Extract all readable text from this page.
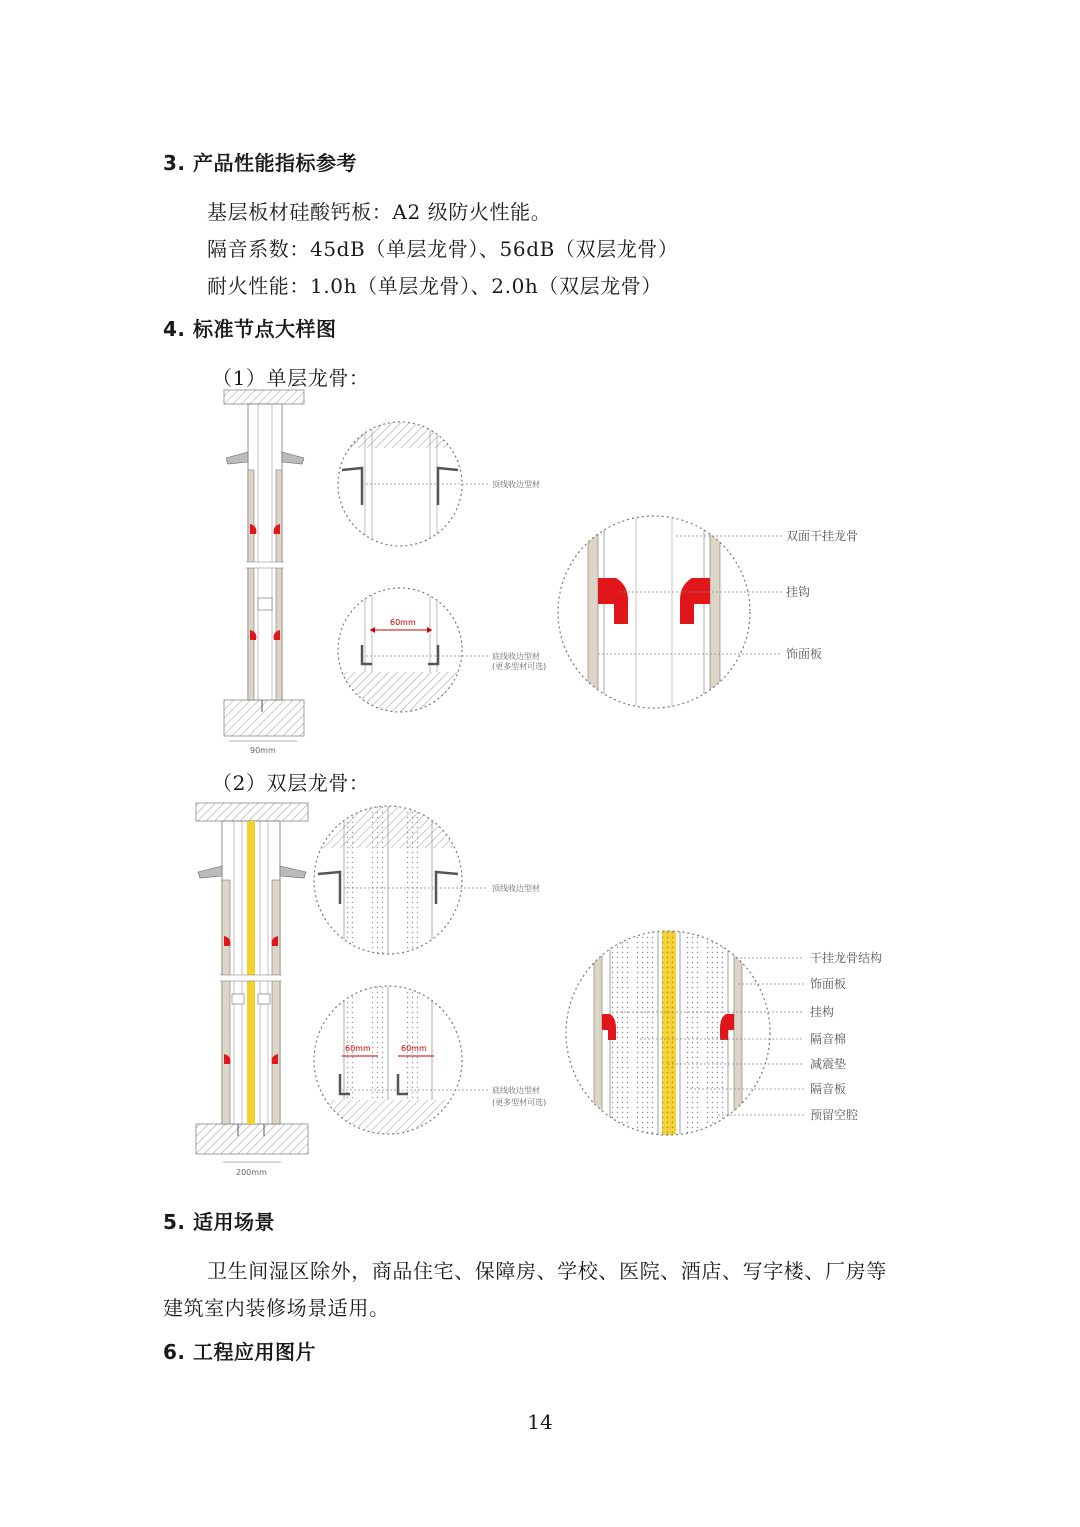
3. 产品性能指标参考
基层板材硅酸钙板：A2 级防火性能。
隔音系数：45dB（单层龙骨）、56dB（双层龙骨）
耐火性能：1.0h（单层龙骨）、2.0h（双层龙骨）
4. 标准节点大样图
（1）单层龙骨：
（2）双层龙骨：
5. 适用场景
卫生间湿区除外，商品住宅、保障房、学校、医院、酒店、写字楼、厂房等
建筑室内装修场景适用。
6. 工程应用图片
14
90mm
顶线收边型材
60mm
底线收边型材
(更多型材可选)
双面干挂龙骨
挂钩
饰面板
200mm
顶线收边型材
60mm	60mm
底线收边型材
(更多型材可选)
干挂龙骨结构
饰面板
挂构
隔音棉
减震垫
隔音板
预留空腔
